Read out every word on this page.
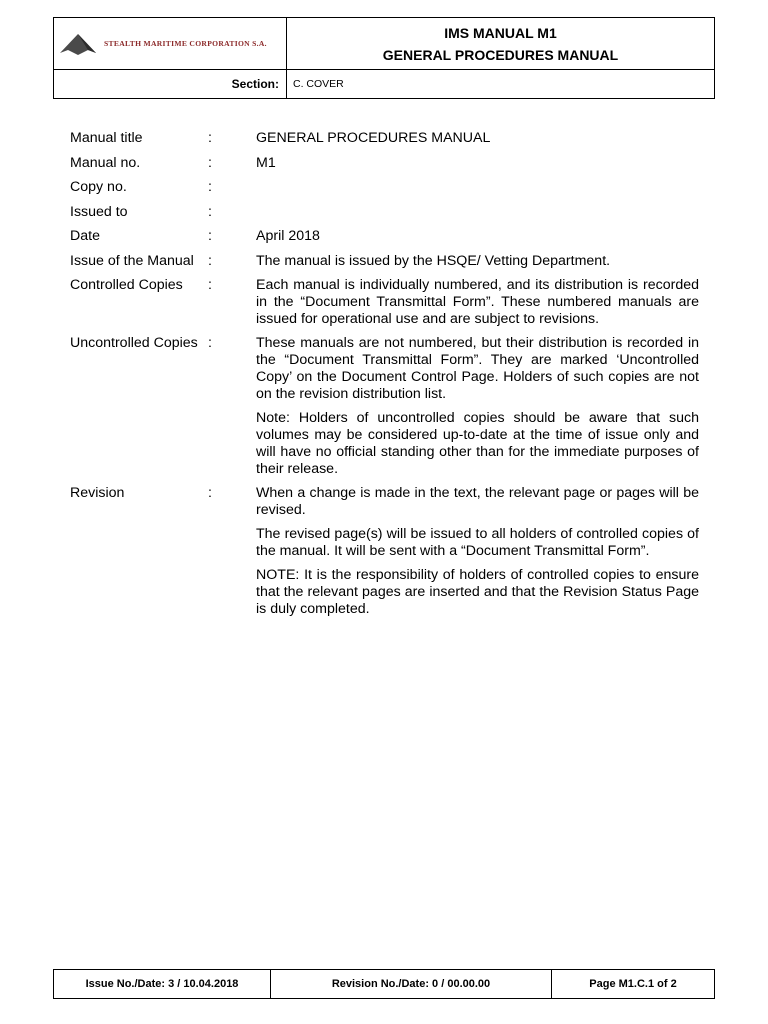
STEALTH MARITIME CORPORATION S.A.	IMS MANUAL M1
GENERAL PROCEDURES MANUAL

Section:	C. COVER
Manual title	:	GENERAL PROCEDURES MANUAL
Manual no.	:	M1
Copy no.	:
Issued to	:
Date	:	April 2018
Issue of the Manual :	The manual is issued by the HSQE/ Vetting Department.
Controlled Copies	:	Each manual is individually numbered, and its distribution is recorded in the “Document Transmittal Form”. These numbered manuals are issued for operational use and are subject to revisions.

Uncontrolled Copies :	These manuals are not numbered, but their distribution is recorded in the “Document Transmittal Form”. They are marked ‘Uncontrolled Copy’ on the Document Control Page. Holders of such copies are not on the revision distribution list.

Note: Holders of uncontrolled copies should be aware that such volumes may be considered up-to-date at the time of issue only and will have no official standing other than for the immediate purposes of their release.

Revision	:	When a change is made in the text, the relevant page or pages will be revised.

The revised page(s) will be issued to all holders of controlled copies of the manual. It will be sent with a “Document Transmittal Form”.

NOTE: It is the responsibility of holders of controlled copies to ensure that the relevant pages are inserted and that the Revision Status Page is duly completed.

Issue No./Date: 3 / 10.04.2018	Revision No./Date: 0 / 00.00.00	Page M1.C.1 of 2
